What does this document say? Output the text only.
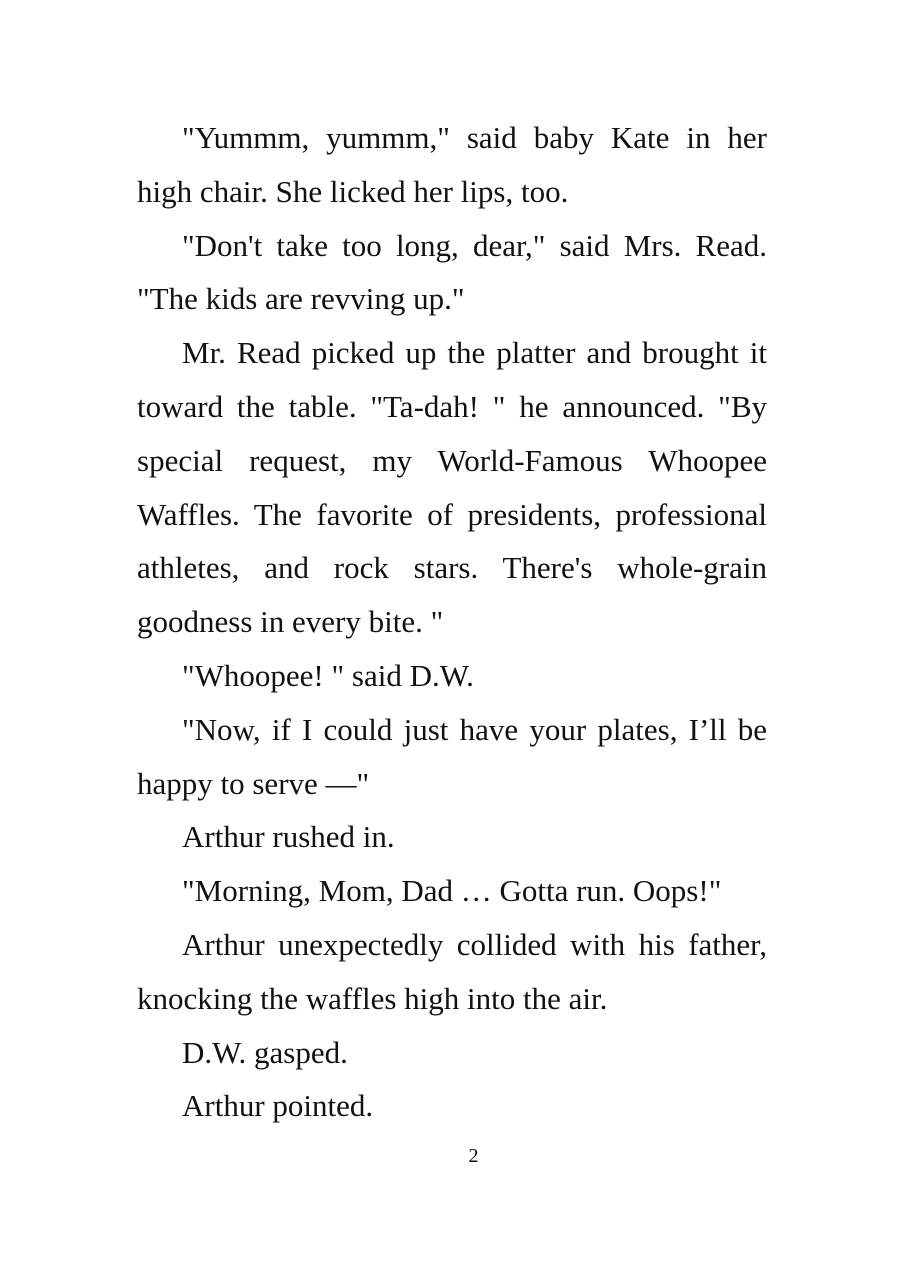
"Yummm, yummm," said baby Kate in her high chair. She licked her lips, too.

"Don't take too long, dear," said Mrs. Read. "The kids are revving up."

Mr. Read picked up the platter and brought it toward the table. "Ta-dah! " he announced. "By special request, my World-Famous Whoopee Waffles. The favorite of presidents, professional athletes, and rock stars. There's whole-grain goodness in every bite. "

"Whoopee! " said D.W.

"Now, if I could just have your plates, I’ll be happy to serve —"

Arthur rushed in.

"Morning, Mom, Dad … Gotta run. Oops!"

Arthur unexpectedly collided with his father, knocking the waffles high into the air.

D.W. gasped.

Arthur pointed.

2
